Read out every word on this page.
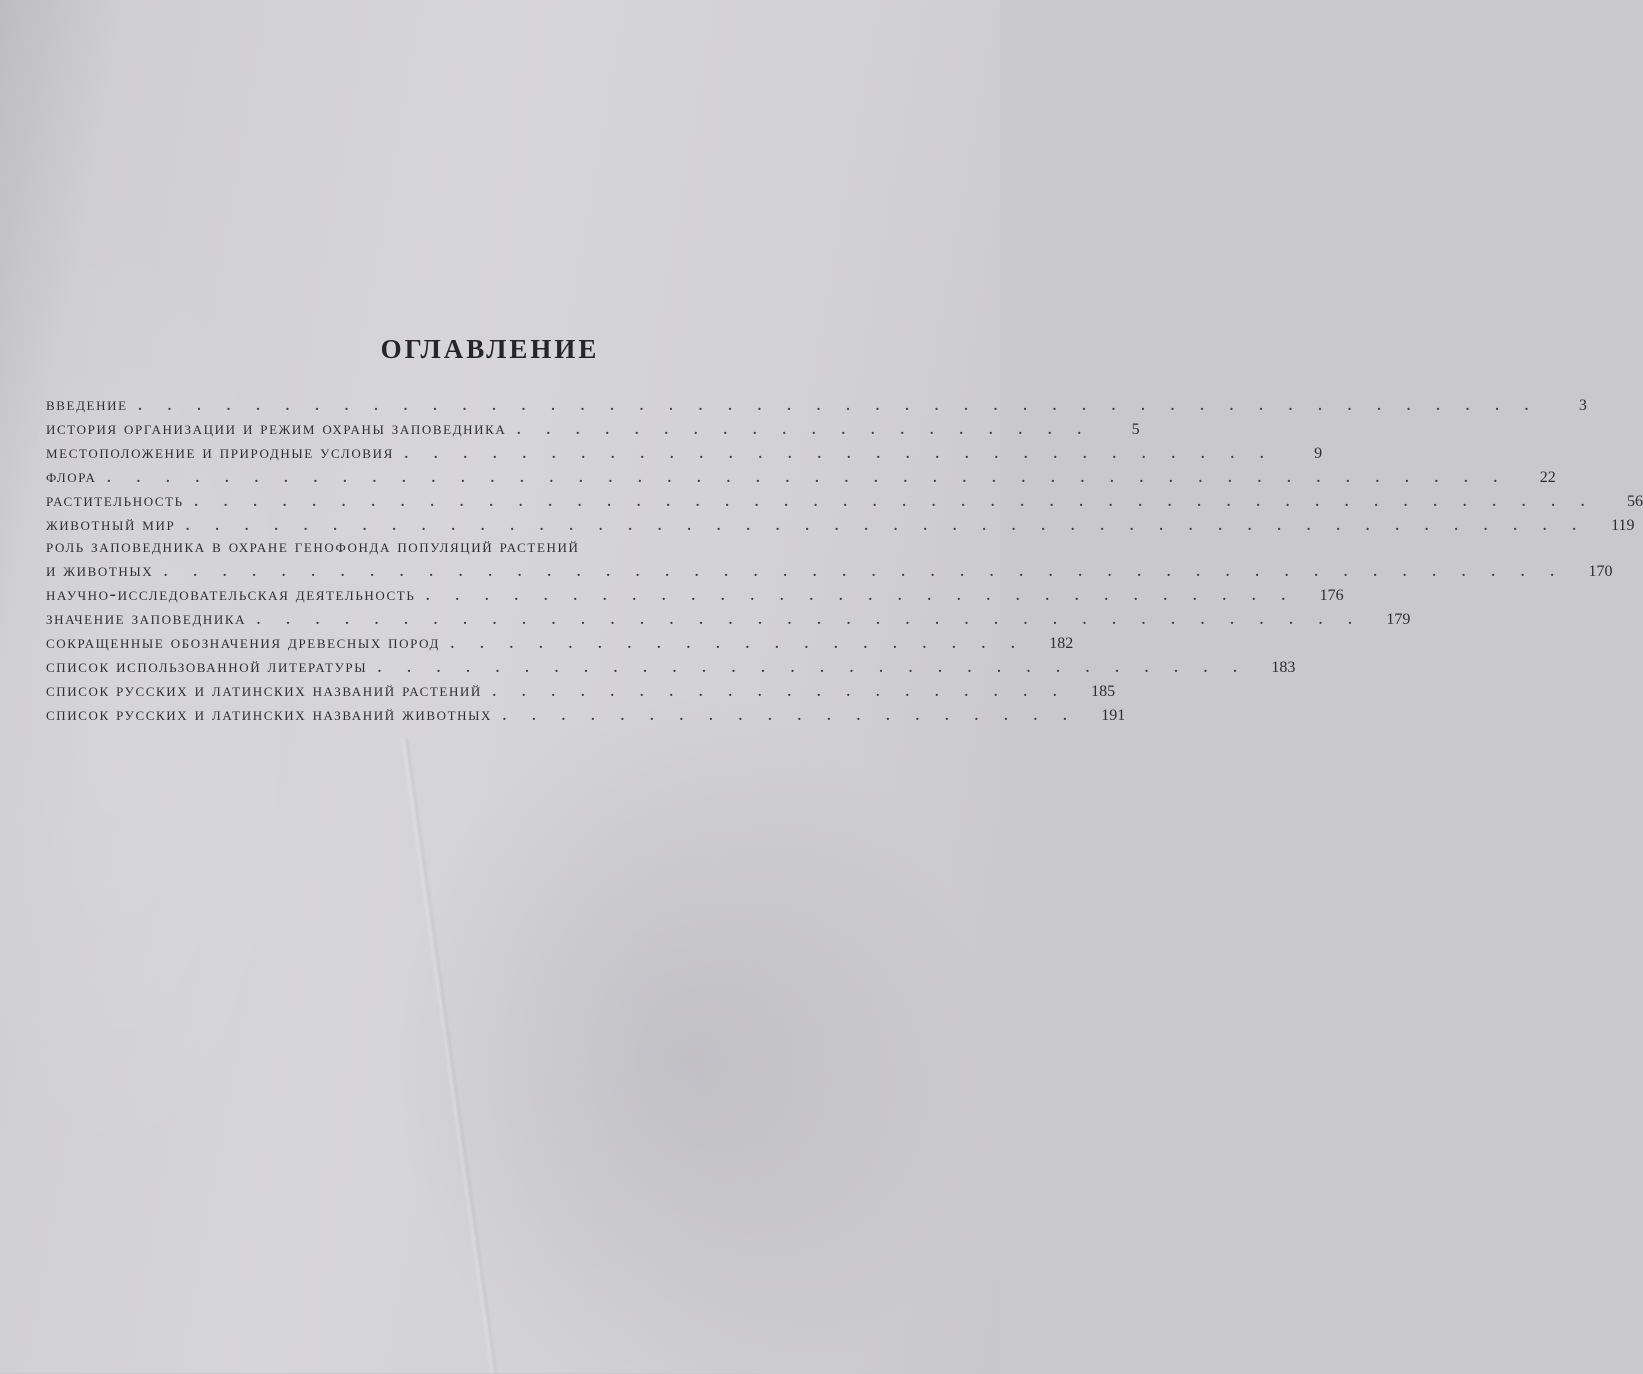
ОГЛАВЛЕНИЕ
введение . . . . . . . . . . . . . . . . . . . . . . . . . . . . . . . . . . . . . . . . . . . . . . . .	3
история организации и режим охраны заповедника . . . . . . . . . . . . . . . . . . . .	5
местоположение и природные условия . . . . . . . . . . . . . . . . . . . . . . . . . . . . . .	9
флора . . . . . . . . . . . . . . . . . . . . . . . . . . . . . . . . . . . . . . . . . . . . . . . .	22
растительность . . . . . . . . . . . . . . . . . . . . . . . . . . . . . . . . . . . . . . . . . . . . . . . .	56
животный мир . . . . . . . . . . . . . . . . . . . . . . . . . . . . . . . . . . . . . . . . . . . . . . . .	119
роль заповедника в охране генофонда популяций растений
и животных . . . . . . . . . . . . . . . . . . . . . . . . . . . . . . . . . . . . . . . . . . . . . . . .	170
научно-исследовательская деятельность . . . . . . . . . . . . . . . . . . . . . . . . . . . . . .	176
значение заповедника . . . . . . . . . . . . . . . . . . . . . . . . . . . . . . . . . . . . . .	179
сокращенные обозначения древесных пород . . . . . . . . . . . . . . . . . . . .	182
список использованной литературы . . . . . . . . . . . . . . . . . . . . . . . . . . . . . .	183
список русских и латинских названий растений . . . . . . . . . . . . . . . . . . . .	185
список русских и латинских названий животных . . . . . . . . . . . . . . . . . . . .	191
